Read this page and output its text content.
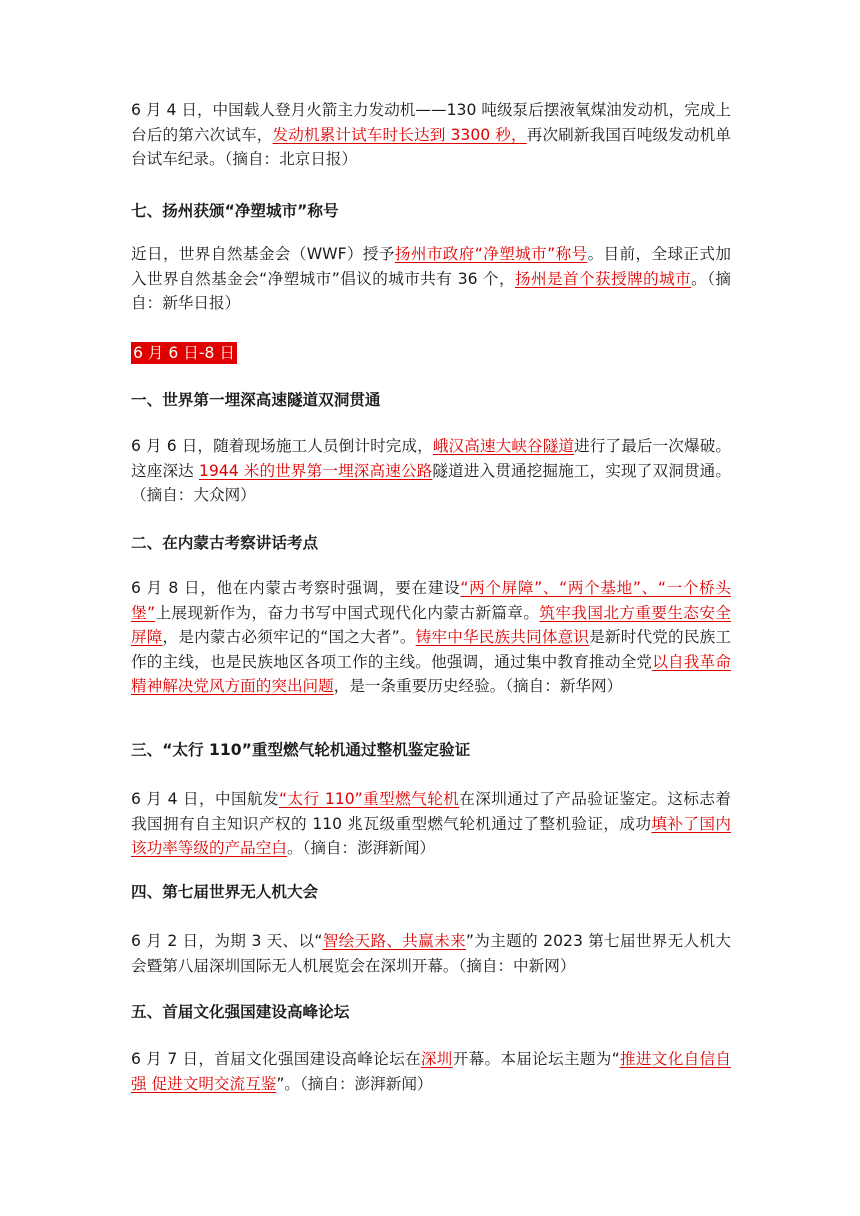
6 月 4 日，中国载人登月火箭主力发动机——130 吨级泵后摆液氧煤油发动机，完成上台后的第六次试车，发动机累计试车时长达到 3300 秒，再次刷新我国百吨级发动机单台试车纪录。（摘自：北京日报）

七、扬州获颁“净塑城市”称号

近日，世界自然基金会（WWF）授予扬州市政府“净塑城市”称号。目前，全球正式加入世界自然基金会“净塑城市”倡议的城市共有 36 个，扬州是首个获授牌的城市。（摘自：新华日报）

6 月 6 日-8 日
一、世界第一埋深高速隧道双洞贯通

6 月 6 日，随着现场施工人员倒计时完成，峨汉高速大峡谷隧道进行了最后一次爆破。这座深达 1944 米的世界第一埋深高速公路隧道进入贯通挖掘施工，实现了双洞贯通。（摘自：大众网）

二、在内蒙古考察讲话考点

6 月 8 日，他在内蒙古考察时强调，要在建设“两个屏障”、“两个基地”、“一个桥头堡”上展现新作为，奋力书写中国式现代化内蒙古新篇章。筑牢我国北方重要生态安全屏障，是内蒙古必须牢记的“国之大者”。铸牢中华民族共同体意识是新时代党的民族工作的主线，也是民族地区各项工作的主线。他强调，通过集中教育推动全党以自我革命精神解决党风方面的突出问题，是一条重要历史经验。（摘自：新华网）

三、“太行 110”重型燃气轮机通过整机鉴定验证

6 月 4 日，中国航发“太行 110”重型燃气轮机在深圳通过了产品验证鉴定。这标志着我国拥有自主知识产权的 110 兆瓦级重型燃气轮机通过了整机验证，成功填补了国内该功率等级的产品空白。（摘自：澎湃新闻）

四、第七届世界无人机大会

6 月 2 日，为期 3 天、以“智绘天路、共赢未来”为主题的 2023 第七届世界无人机大会暨第八届深圳国际无人机展览会在深圳开幕。（摘自：中新网）

五、首届文化强国建设高峰论坛

6 月 7 日，首届文化强国建设高峰论坛在深圳开幕。本届论坛主题为“推进文化自信自强 促进文明交流互鉴”。（摘自：澎湃新闻）
